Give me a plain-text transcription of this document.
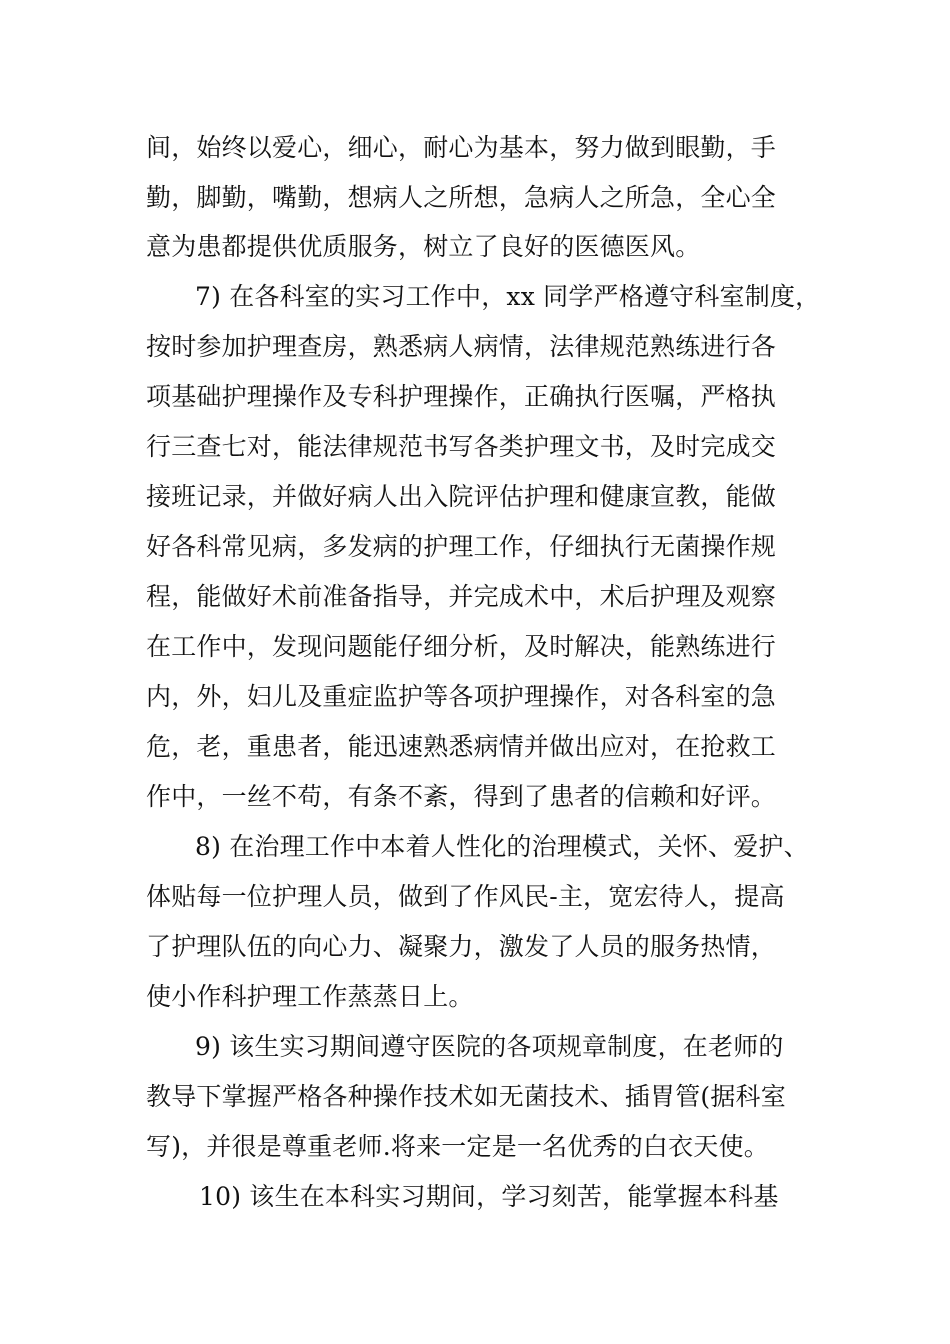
间，始终以爱心，细心，耐心为基本，努力做到眼勤，手
勤，脚勤，嘴勤，想病人之所想，急病人之所急，全心全
意为患都提供优质服务，树立了良好的医德医风。
7) 在各科室的实习工作中，xx 同学严格遵守科室制度，
按时参加护理查房，熟悉病人病情，法律规范熟练进行各
项基础护理操作及专科护理操作，正确执行医嘱，严格执
行三查七对，能法律规范书写各类护理文书，及时完成交
接班记录，并做好病人出入院评估护理和健康宣教，能做
好各科常见病，多发病的护理工作，仔细执行无菌操作规
程，能做好术前准备指导，并完成术中，术后护理及观察
在工作中，发现问题能仔细分析，及时解决，能熟练进行
内，外，妇儿及重症监护等各项护理操作，对各科室的急
危，老，重患者，能迅速熟悉病情并做出应对，在抢救工
作中，一丝不苟，有条不紊，得到了患者的信赖和好评。
8) 在治理工作中本着人性化的治理模式，关怀、爱护、
体贴每一位护理人员，做到了作风民-主，宽宏待人，提高
了护理队伍的向心力、凝聚力，激发了人员的服务热情，
使小作科护理工作蒸蒸日上。
9) 该生实习期间遵守医院的各项规章制度，在老师的
教导下掌握严格各种操作技术如无菌技术、插胃管(据科室
写)，并很是尊重老师.将来一定是一名优秀的白衣天使。
10) 该生在本科实习期间，学习刻苦，能掌握本科基
